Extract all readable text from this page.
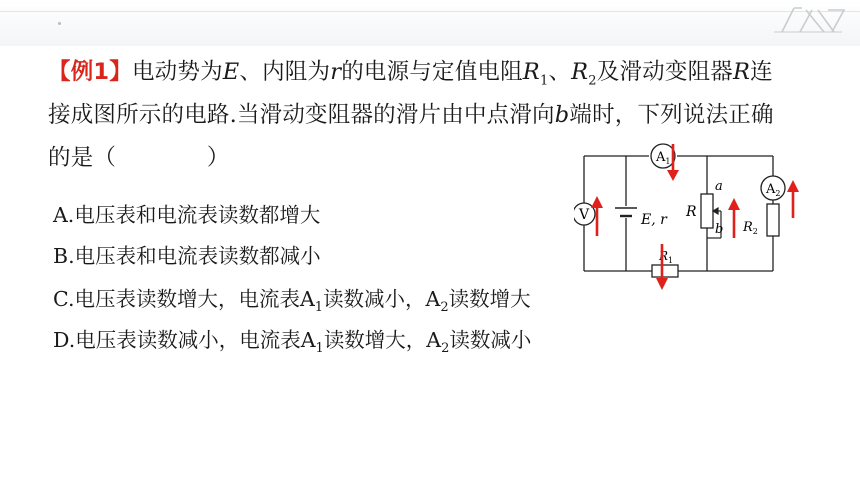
【例1】电动势为E、内阻为r的电源与定值电阻$R_1$、$R_2$及滑动变阻器R连
接成图所示的电路.当滑动变阻器的滑片由中点滑向b端时，下列说法正确
的是（　　　　	）
A.电压表和电流表读数都增大
B.电压表和电流表读数都减小
C.电压表读数增大，电流表$A_1$读数减小，$A_2$读数增大
D.电压表读数减小，电流表$A_1$读数增大，$A_2$读数减小
V
$A_1$
$A_2$
R
a
b $R_2$
$R_1$
E, r
